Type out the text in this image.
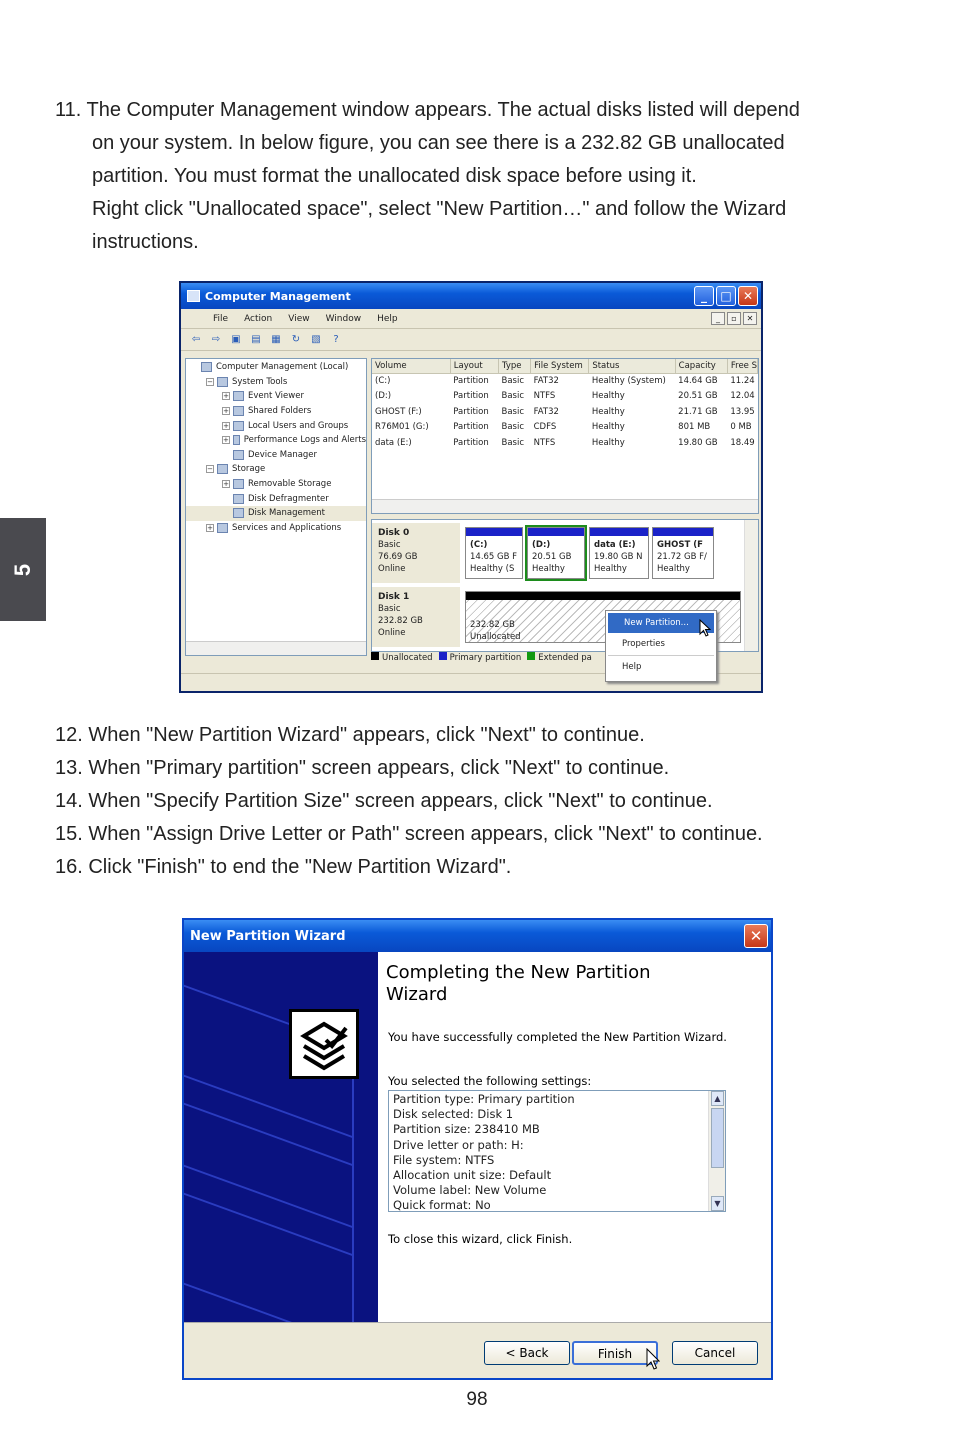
5
11. The Computer Management window appears. The actual disks listed will depend
on your system. In below figure, you can see there is a 232.82 GB unallocated
partition. You must format the unallocated disk space before using it.
Right click "Unallocated space", select "New Partition…" and follow the Wizard
instructions.
Computer Management	_	□ ✕
File	Action	View	Window	Help	_	▫	✕
⇦ ⇨ ▣ ▤ ▦ ↻ ▧	?
Computer Management (Local)
− System Tools
+ Event Viewer
+ Shared Folders
+ Local Users and Groups
+ Performance Logs and Alerts
Device Manager
− Storage
+ Removable Storage
Disk Defragmenter
Disk Management
+ Services and Applications
Volume	Layout	Type	File System	Status	Capacity	Free S
(C:)	Partition	Basic	FAT32	Healthy (System)	14.64 GB	11.24
(D:)	Partition	Basic	NTFS	Healthy	20.51 GB	12.04
GHOST (F:)	Partition	Basic	FAT32	Healthy	21.71 GB	13.95
R76M01 (G:)	Partition	Basic	CDFS	Healthy	801 MB	0 MB
data (E:)	Partition	Basic	NTFS	Healthy	19.80 GB	18.49
Disk 0
Basic
76.69 GB
Online
(C:)
14.65 GB F
Healthy (S
(D:)
20.51 GB
Healthy
data (E:)
19.80 GB N
Healthy
GHOST (F
21.72 GB F/
Healthy
Disk 1
Basic
232.82 GB
Online
232.82 GB
Unallocated
Unallocated	Primary partition	Extended pa
New Partition...
Properties
Help
12. When "New Partition Wizard" appears, click "Next" to continue.
13. When "Primary partition" screen appears, click "Next" to continue.
14. When "Specify Partition Size" screen appears, click "Next" to continue.
15. When "Assign Drive Letter or Path" screen appears, click "Next" to continue.
16. Click "Finish" to end the "New Partition Wizard".
New Partition Wizard	✕
Completing the New Partition
Wizard
You have successfully completed the New Partition Wizard.
You selected the following settings:
Partition type: Primary partition
Disk selected: Disk 1
Partition size: 238410 MB
Drive letter or path: H:
File system: NTFS
Allocation unit size: Default
Volume label: New Volume
Quick format: No
▲
▼
To close this wizard, click Finish.
< Back	Finish	Cancel
98
